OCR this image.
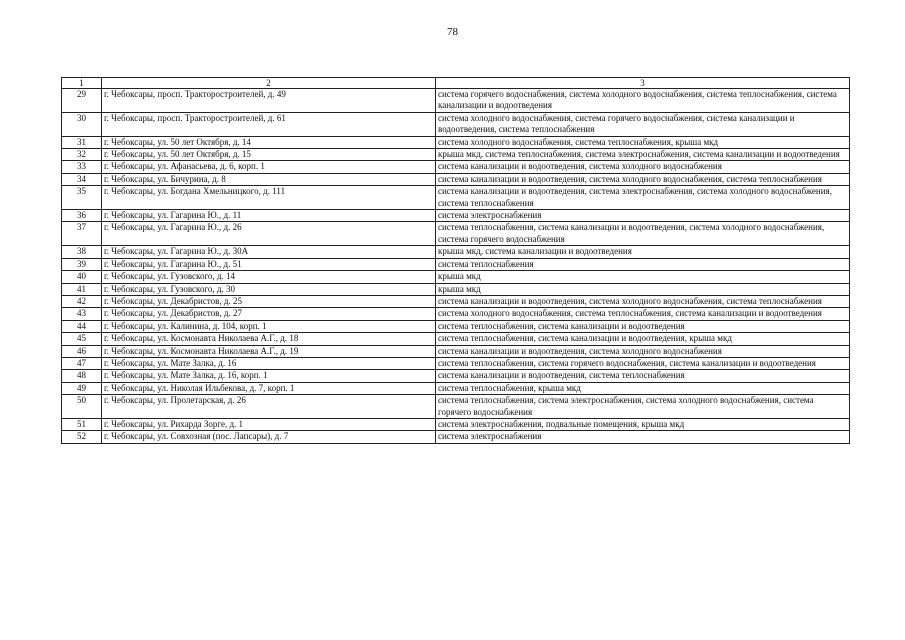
78
1	2	3
29	г. Чебоксары, просп. Тракторостроителей, д. 49	система горячего водоснабжения, система холодного водоснабжения, система теплоснабжения, система канализации и водоотведения
30	г. Чебоксары, просп. Тракторостроителей, д. 61	система холодного водоснабжения, система горячего водоснабжения, система канализации и водоотведения, система теплоснабжения
31	г. Чебоксары, ул. 50 лет Октября, д. 14	система холодного водоснабжения, система теплоснабжения, крыша мкд
32	г. Чебоксары, ул. 50 лет Октября, д. 15	крыша мкд, система теплоснабжения, система электроснабжения, система канализации и водоотведения
33	г. Чебоксары, ул. Афанасьева, д. 6, корп. 1	система канализации и водоотведения, система холодного водоснабжения
34	г. Чебоксары, ул. Бичурина, д. 8	система канализации и водоотведения, система холодного водоснабжения, система теплоснабжения
35	г. Чебоксары, ул. Богдана Хмельницкого, д. 111	система канализации и водоотведения, система электроснабжения, система холодного водоснабжения, система теплоснабжения
36	г. Чебоксары, ул. Гагарина Ю., д. 11	система электроснабжения
37	г. Чебоксары, ул. Гагарина Ю., д. 26	система теплоснабжения, система канализации и водоотведения, система холодного водоснабжения, система горячего водоснабжения
38	г. Чебоксары, ул. Гагарина Ю., д. 30А	крыша мкд, система канализации и водоотведения
39	г. Чебоксары, ул. Гагарина Ю., д. 51	система теплоснабжения
40	г. Чебоксары, ул. Гузовского, д. 14	крыша мкд
41	г. Чебоксары, ул. Гузовского, д. 30	крыша мкд
42	г. Чебоксары, ул. Декабристов, д. 25	система канализации и водоотведения, система холодного водоснабжения, система теплоснабжения
43	г. Чебоксары, ул. Декабристов, д. 27	система холодного водоснабжения, система теплоснабжения, система канализации и водоотведения
44	г. Чебоксары, ул. Калинина, д. 104, корп. 1	система теплоснабжения, система канализации и водоотведения
45	г. Чебоксары, ул. Космонавта Николаева А.Г., д. 18	система теплоснабжения, система канализации и водоотведения, крыша мкд
46	г. Чебоксары, ул. Космонавта Николаева А.Г., д. 19	система канализации и водоотведения, система холодного водоснабжения
47	г. Чебоксары, ул. Мате Залка, д. 16	система теплоснабжения, система горячего водоснабжения, система канализации и водоотведения
48	г. Чебоксары, ул. Мате Залка, д. 16, корп. 1	система канализации и водоотведения, система теплоснабжения
49	г. Чебоксары, ул. Николая Ильбекова, д. 7, корп. 1	система теплоснабжения, крыша мкд
50	г. Чебоксары, ул. Пролетарская, д. 26	система теплоснабжения, система электроснабжения, система холодного водоснабжения, система горячего водоснабжения
51	г. Чебоксары, ул. Рихарда Зорге, д. 1	система электроснабжения, подвальные помещения, крыша мкд
52	г. Чебоксары, ул. Совхозная (пос. Лапсары), д. 7	система электроснабжения
